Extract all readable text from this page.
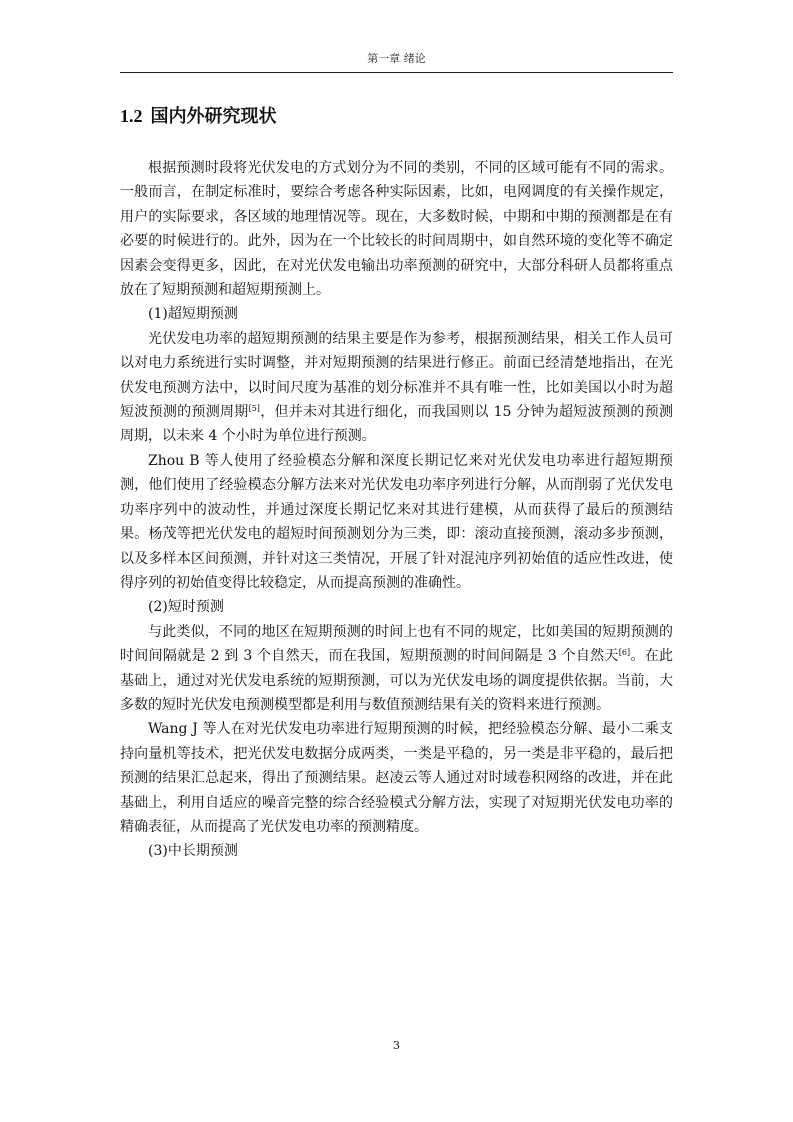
第一章 绪论
1.2 国内外研究现状

根据预测时段将光伏发电的方式划分为不同的类别，不同的区域可能有不同的需求。一般而言，在制定标准时，要综合考虑各种实际因素，比如，电网调度的有关操作规定，用户的实际要求，各区域的地理情况等。现在，大多数时候，中期和中期的预测都是在有必要的时候进行的。此外，因为在一个比较长的时间周期中，如自然环境的变化等不确定因素会变得更多，因此，在对光伏发电输出功率预测的研究中，大部分科研人员都将重点放在了短期预测和超短期预测上。

(1)超短期预测

光伏发电功率的超短期预测的结果主要是作为参考，根据预测结果，相关工作人员可以对电力系统进行实时调整，并对短期预测的结果进行修正。前面已经清楚地指出，在光伏发电预测方法中，以时间尺度为基准的划分标准并不具有唯一性，比如美国以小时为超短波预测的预测周期[5]，但并未对其进行细化，而我国则以 15 分钟为超短波预测的预测周期，以未来 4 个小时为单位进行预测。

Zhou B 等人使用了经验模态分解和深度长期记忆来对光伏发电功率进行超短期预测，他们使用了经验模态分解方法来对光伏发电功率序列进行分解，从而削弱了光伏发电功率序列中的波动性，并通过深度长期记忆来对其进行建模，从而获得了最后的预测结果。杨茂等把光伏发电的超短时间预测划分为三类，即：滚动直接预测，滚动多步预测，以及多样本区间预测，并针对这三类情况，开展了针对混沌序列初始值的适应性改进，使得序列的初始值变得比较稳定，从而提高预测的准确性。

(2)短时预测

与此类似，不同的地区在短期预测的时间上也有不同的规定，比如美国的短期预测的时间间隔就是 2 到 3 个自然天，而在我国，短期预测的时间间隔是 3 个自然天[6]。在此基础上，通过对光伏发电系统的短期预测，可以为光伏发电场的调度提供依据。当前，大多数的短时光伏发电预测模型都是利用与数值预测结果有关的资料来进行预测。

Wang J 等人在对光伏发电功率进行短期预测的时候，把经验模态分解、最小二乘支持向量机等技术，把光伏发电数据分成两类，一类是平稳的，另一类是非平稳的，最后把预测的结果汇总起来，得出了预测结果。赵凌云等人通过对时域卷积网络的改进，并在此基础上，利用自适应的噪音完整的综合经验模式分解方法，实现了对短期光伏发电功率的精确表征，从而提高了光伏发电功率的预测精度。

(3)中长期预测

3
